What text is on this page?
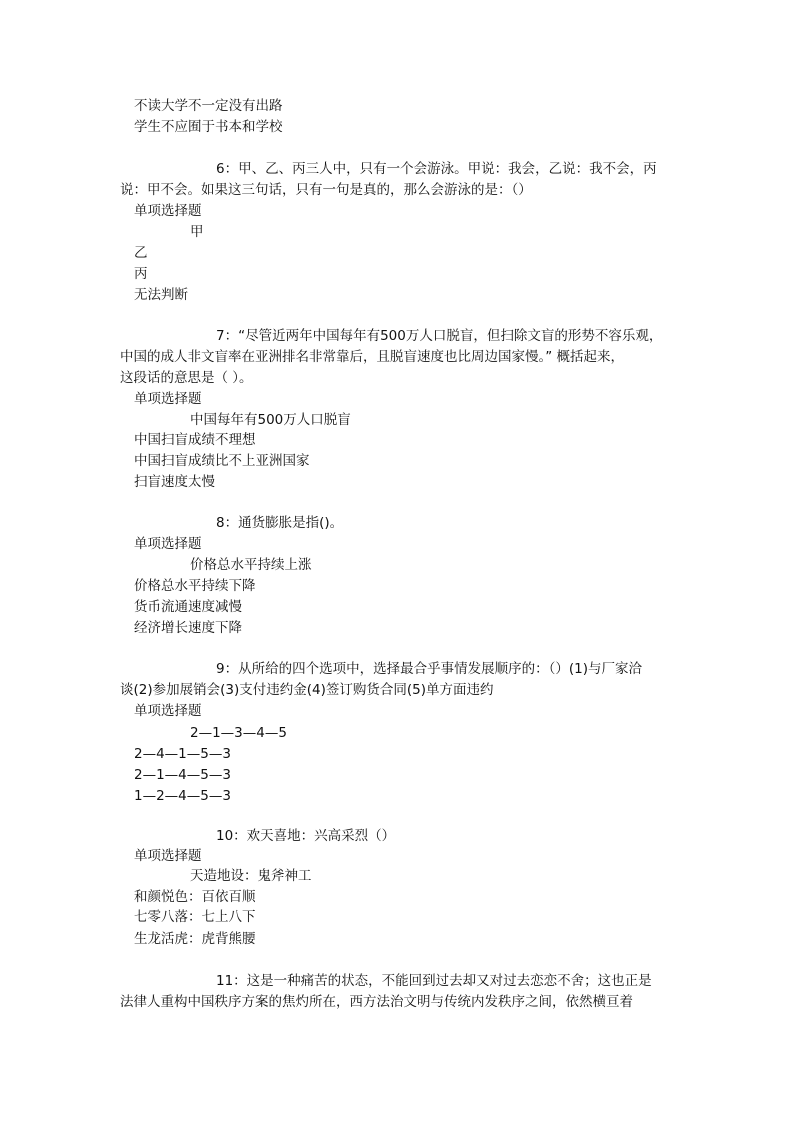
不读大学不一定没有出路
学生不应囿于书本和学校
6：甲、乙、丙三人中，只有一个会游泳。甲说：我会，乙说：我不会，丙
说：甲不会。如果这三句话，只有一句是真的，那么会游泳的是：（）
单项选择题
甲
乙
丙
无法判断
7：“尽管近两年中国每年有500万人口脱盲，但扫除文盲的形势不容乐观，
中国的成人非文盲率在亚洲排名非常靠后，且脱盲速度也比周边国家慢。” 概括起来，
这段话的意思是（ ）。
单项选择题
中国每年有500万人口脱盲
中国扫盲成绩不理想
中国扫盲成绩比不上亚洲国家
扫盲速度太慢
8：通货膨胀是指()。
单项选择题
价格总水平持续上涨
价格总水平持续下降
货币流通速度减慢
经济增长速度下降
9：从所给的四个选项中，选择最合乎事情发展顺序的：（）(1)与厂家洽
谈(2)参加展销会(3)支付违约金(4)签订购货合同(5)单方面违约
单项选择题
2—1—3—4—5
2—4—1—5—3
2—1—4—5—3
1—2—4—5—3
10：欢天喜地：兴高采烈（）
单项选择题
天造地设：鬼斧神工
和颜悦色：百依百顺
七零八落：七上八下
生龙活虎：虎背熊腰
11：这是一种痛苦的状态，不能回到过去却又对过去恋恋不舍；这也正是
法律人重构中国秩序方案的焦灼所在，西方法治文明与传统内发秩序之间，依然横亘着
